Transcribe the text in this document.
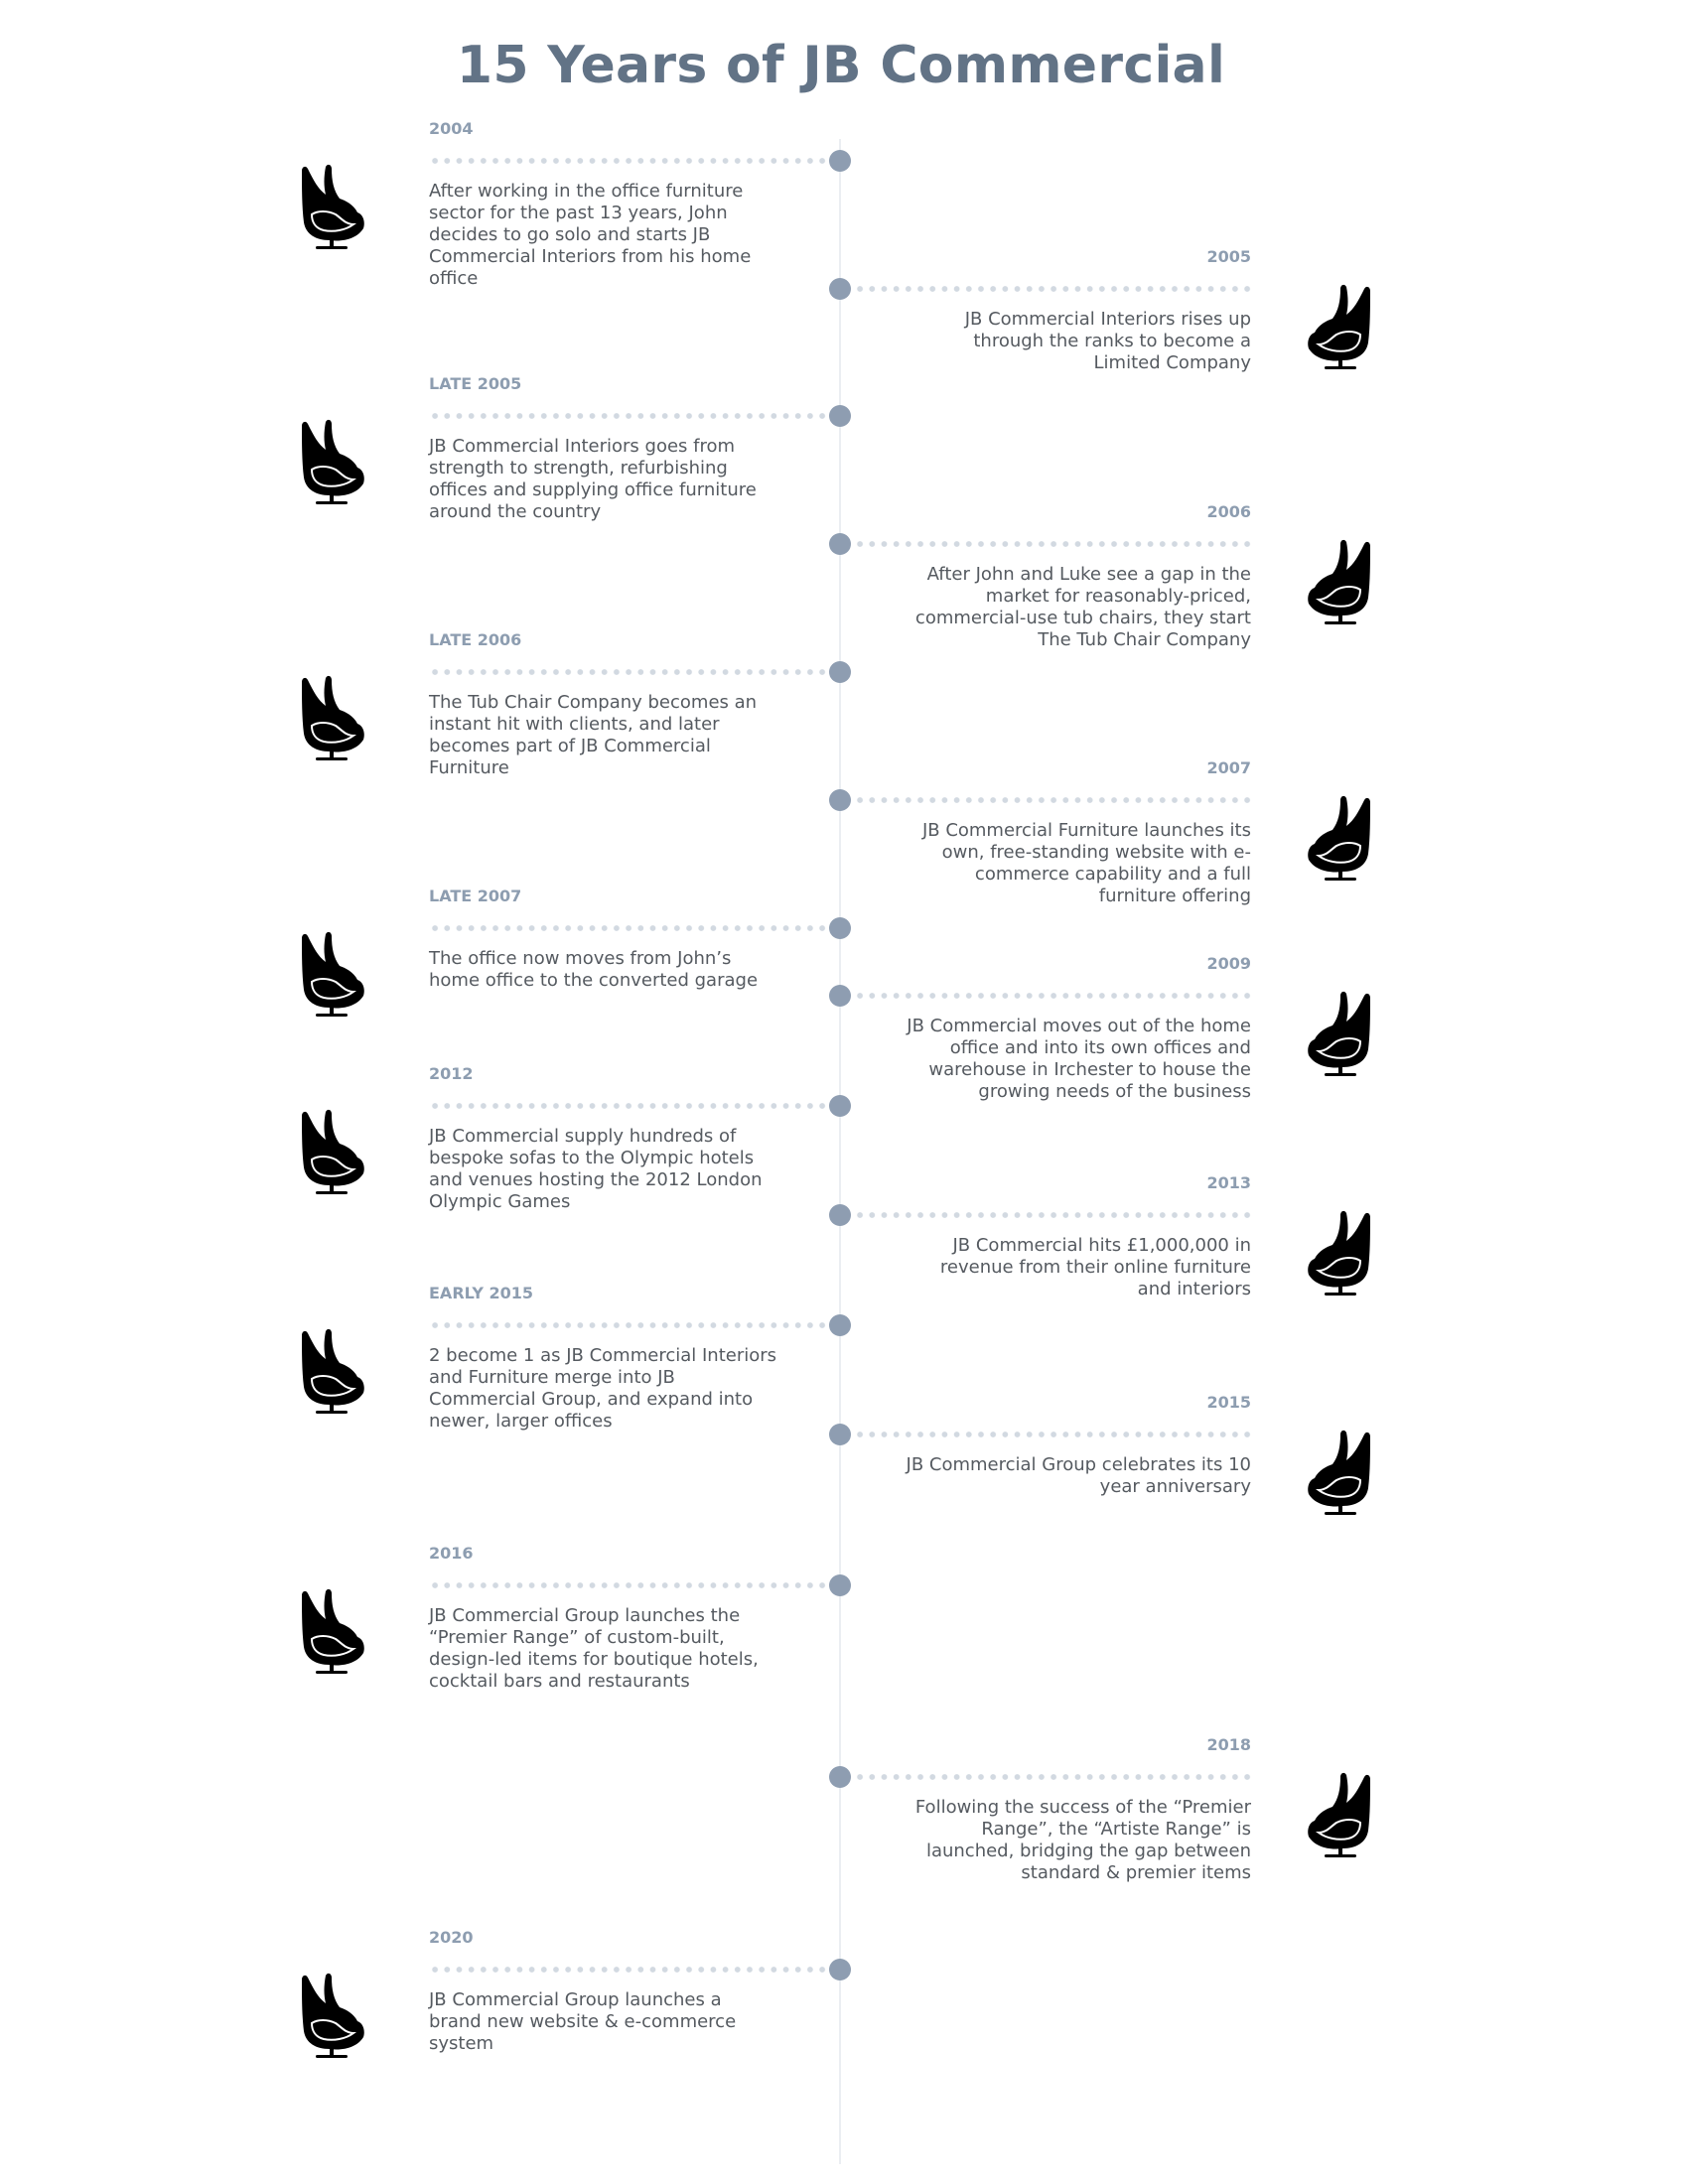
15 Years of JB Commercial
2004
After working in the office furniture sector for the past 13 years, John decides to go solo and starts JB Commercial Interiors from his home office
2005
JB Commercial Interiors rises up through the ranks to become a Limited Company
LATE 2005
JB Commercial Interiors goes from strength to strength, refurbishing offices and supplying office furniture around the country	2006
After John and Luke see a gap in the market for reasonably-priced, commercial-use tub chairs, they start The Tub Chair Company
LATE 2006
The Tub Chair Company becomes an instant hit with clients, and later becomes part of JB Commercial Furniture	2007
JB Commercial Furniture launches its own, free-standing website with e-commerce capability and a full furniture offering
LATE 2007
The office now moves from John’s home office to the converted garage
2009
JB Commercial moves out of the home office and into its own offices and warehouse in Irchester to house the growing needs of the business
2012
JB Commercial supply hundreds of bespoke sofas to the Olympic hotels and venues hosting the 2012 London Olympic Games
2013
JB Commercial hits £1,000,000 in revenue from their online furniture and interiors
EARLY 2015
2 become 1 as JB Commercial Interiors and Furniture merge into JB Commercial Group, and expand into newer, larger offices
2015
JB Commercial Group celebrates its 10 year anniversary
2016
JB Commercial Group launches the “Premier Range” of custom-built, design-led items for boutique hotels, cocktail bars and restaurants
2018
Following the success of the “Premier Range”, the “Artiste Range” is launched, bridging the gap between standard & premier items
2020
JB Commercial Group launches a brand new website & e-commerce system
